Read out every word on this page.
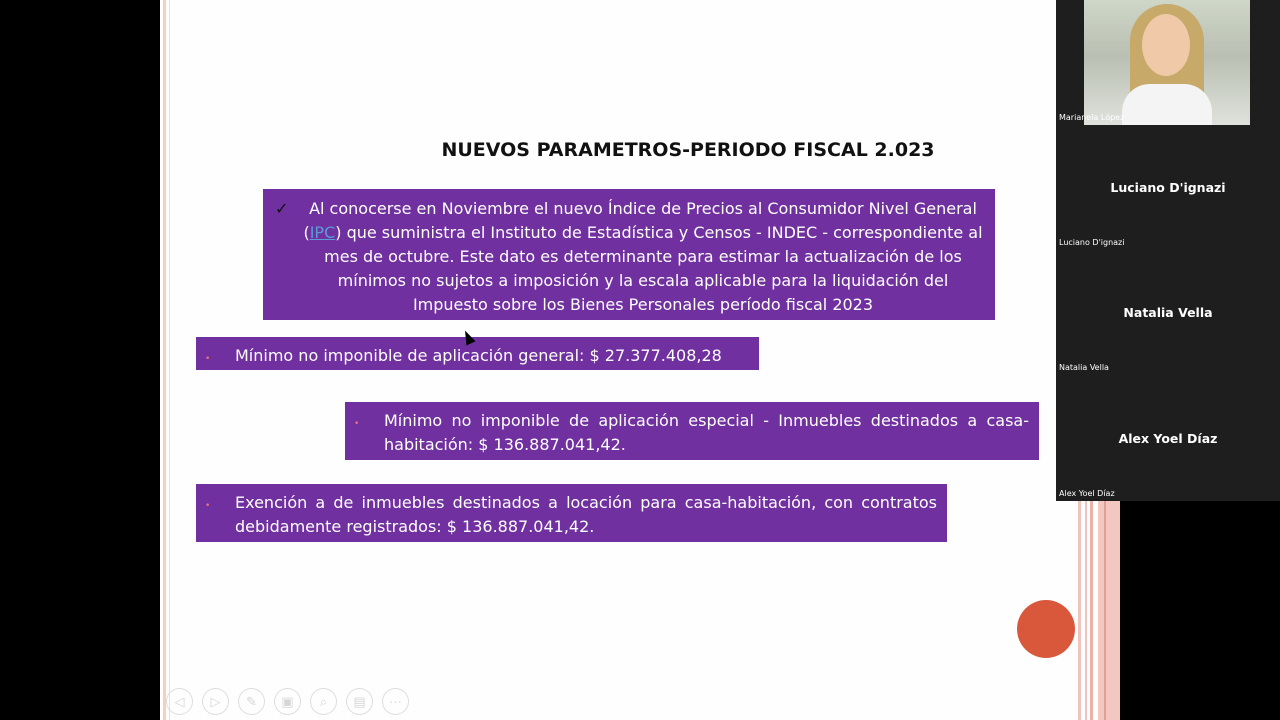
NUEVOS PARAMETROS-PERIODO FISCAL 2.023
✓ Al conocerse en Noviembre el nuevo Índice de Precios al Consumidor Nivel General (IPC) que suministra el Instituto de Estadística y Censos - INDEC - correspondiente al mes de octubre. Este dato es determinante para estimar la actualización de los mínimos no sujetos a imposición y la escala aplicable para la liquidación del Impuesto sobre los Bienes Personales período fiscal 2023
• Mínimo no imponible de aplicación general: $ 27.377.408,28
• Mínimo no imponible de aplicación especial - Inmuebles destinados a casa-habitación: $ 136.887.041,42.
• Exención a de inmuebles destinados a locación para casa-habitación, con contratos debidamente registrados: $ 136.887.041,42.
◁	▷	✎	▣	⌕	▤	···
Marianela López
Luciano D'ignazi
Luciano D'ignazi
Natalia Vella
Natalia Vella
Alex Yoel Díaz
Alex Yoel Díaz
